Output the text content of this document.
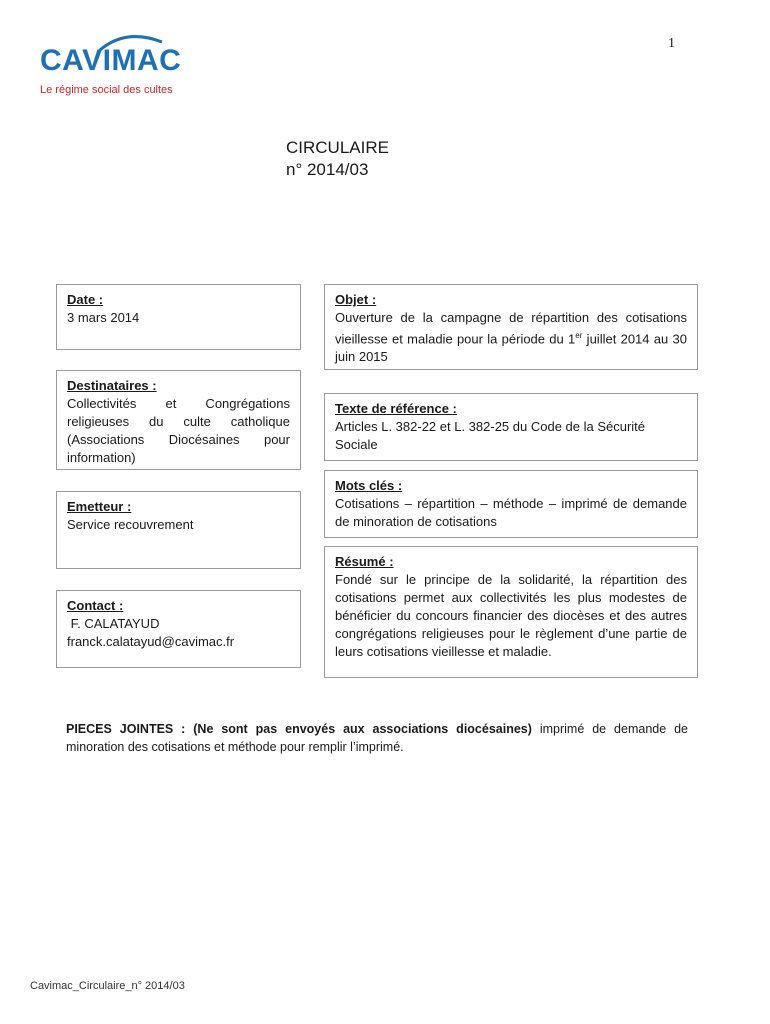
1
CAVIMAC
Le régime social des cultes
CIRCULAIRE
n° 2014/03
Date :
3 mars 2014
Destinataires :
Collectivités et Congrégations religieuses du culte catholique (Associations Diocésaines pour information)
Emetteur :
Service recouvrement
Contact :
F. CALATAYUD
franck.calatayud@cavimac.fr
Objet :
Ouverture de la campagne de répartition des cotisations vieillesse et maladie pour la période du 1er juillet 2014 au 30 juin 2015
Texte de référence :
Articles L. 382-22 et L. 382-25 du Code de la Sécurité Sociale
Mots clés :
Cotisations – répartition – méthode – imprimé de demande de minoration de cotisations
Résumé :
Fondé sur le principe de la solidarité, la répartition des cotisations permet aux collectivités les plus modestes de bénéficier du concours financier des diocèses et des autres congrégations religieuses pour le règlement d’une partie de leurs cotisations vieillesse et maladie.
PIECES JOINTES : (Ne sont pas envoyés aux associations diocésaines) imprimé de demande de minoration des cotisations et méthode pour remplir l’imprimé.
Cavimac_Circulaire_n° 2014/03
